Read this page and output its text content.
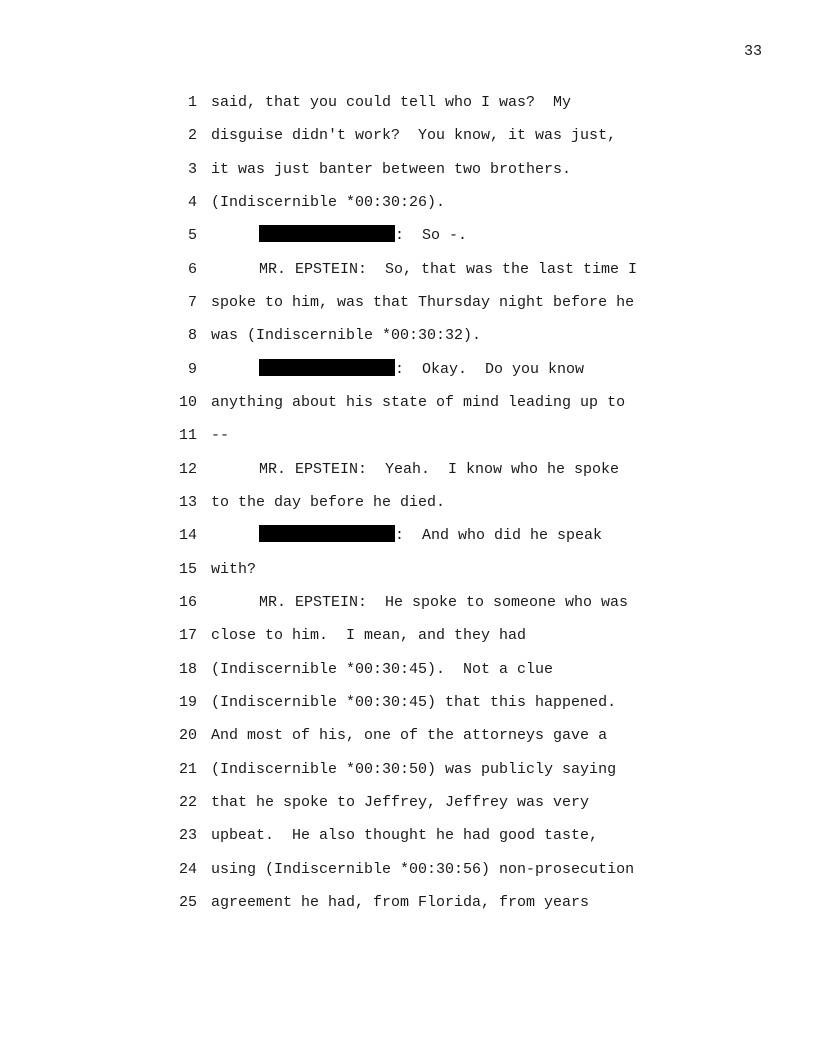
33
1 said, that you could tell who I was?  My
2 disguise didn't work?  You know, it was just,
3 it was just banter between two brothers.
4 (Indiscernible *00:30:26).
5	:  So -.
6	MR. EPSTEIN:  So, that was the last time I
7 spoke to him, was that Thursday night before he
8 was (Indiscernible *00:30:32).
9	:  Okay.  Do you know
10 anything about his state of mind leading up to
11 --
12	MR. EPSTEIN:  Yeah.  I know who he spoke
13 to the day before he died.
14	:  And who did he speak
15 with?
16	MR. EPSTEIN:  He spoke to someone who was
17 close to him.  I mean, and they had
18 (Indiscernible *00:30:45).  Not a clue
19 (Indiscernible *00:30:45) that this happened.
20 And most of his, one of the attorneys gave a
21 (Indiscernible *00:30:50) was publicly saying
22 that he spoke to Jeffrey, Jeffrey was very
23 upbeat.  He also thought he had good taste,
24 using (Indiscernible *00:30:56) non-prosecution
25 agreement he had, from Florida, from years
